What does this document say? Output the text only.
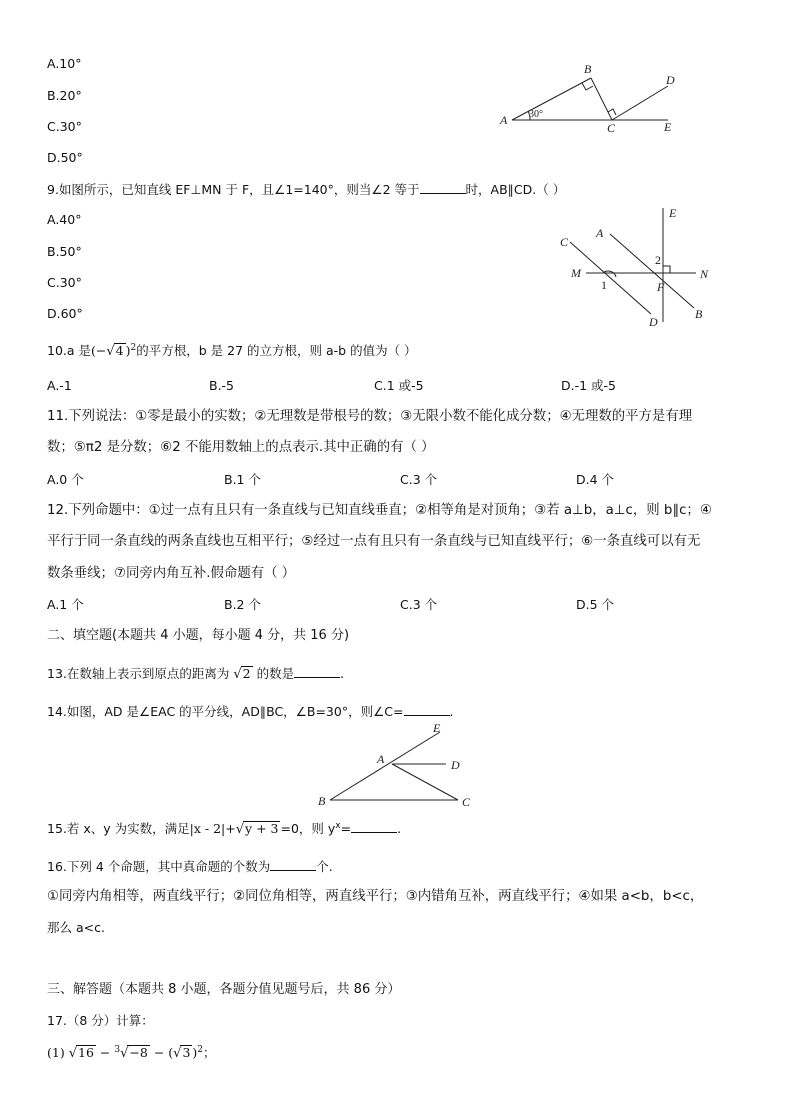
A.10°
B.20°
C.30°
D.50°
A
B
C
D
E
30°
9.如图所示，已知直线 EF⊥MN 于 F，且∠1=140°，则当∠2 等于	时，AB∥CD.（ ）
A.40°
B.50°
C.30°
D.60°
E
C
A
M
2
N
1	F
D
B
10.a 是(−√4 )$^2$的平方根，b 是 27 的立方根，则 a-b 的值为（ ）
A.-1	B.-5	C.1 或-5	D.-1 或-5
11.下列说法：①零是最小的实数；②无理数是带根号的数；③无限小数不能化成分数；④无理数的平方是有理
数；⑤π2 是分数；⑥2 不能用数轴上的点表示.其中正确的有（ ）
A.0 个	B.1 个	C.3 个	D.4 个
12.下列命题中：①过一点有且只有一条直线与已知直线垂直；②相等角是对顶角；③若 a⊥b，a⊥c，则 b∥c；④
平行于同一条直线的两条直线也互相平行；⑤经过一点有且只有一条直线与已知直线平行；⑥一条直线可以有无
数条垂线；⑦同旁内角互补.假命题有（ ）
A.1 个	B.2 个	C.3 个	D.5 个
二、填空题(本题共 4 小题，每小题 4 分，共 16 分)
13.在数轴上表示到原点的距离为 √2 的数是	.
14.如图，AD 是∠EAC 的平分线，AD∥BC，∠B=30°，则∠C=	.
E
A	D
B	C
15.若 x、y 为实数，满足|x - 2|+√y + 3 =0，则 $y^x=$	.
16.下列 4 个命题，其中真命题的个数为	个.
①同旁内角相等，两直线平行；②同位角相等，两直线平行；③内错角互补，两直线平行；④如果 a<b，b<c，
那么 a<c.
三、解答题（本题共 8 小题，各题分值见题号后，共 86 分）
17.（8 分）计算：
(1) √16 − $^3$√−8 − (√3 )$^2$；
